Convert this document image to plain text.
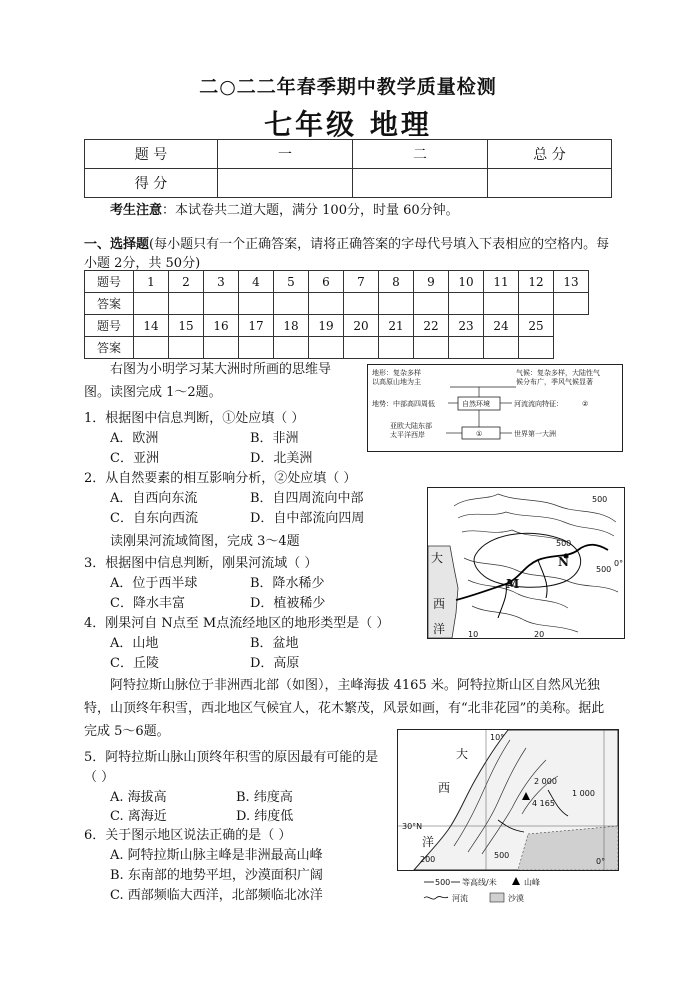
二○二二年春季期中教学质量检测
七年级 地理
题 号	一	二	总 分
得 分			
考生注意：本试卷共二道大题，满分 100分，时量 60分钟。
一、选择题(每小题只有一个正确答案，请将正确答案的字母代号填入下表相应的空格内。每小题 2分，共 50分)
题号	1	2	3	4	5	6	7	8	9	10	11	12	13
答案													
题号	14	15	16	17	18	19	20	21	22	23	24	25	
答案													
右图为小明学习某大洲时所画的思维导图。读图完成 1～2题。
地形：复杂多样
以高原山地为主
气候：复杂多样，大陆性气
候分布广，季风气候显著
地势：中部高四周低	自然环境	河流流向特征：	②
亚欧大陆东部
太平洋西岸	①	世界第一大洲
1．根据图中信息判断，①处应填（ ）
A．欧洲	B．非洲
C．亚洲	D．北美洲
2．从自然要素的相互影响分析，②处应填（ ）
A．自西向东流	B．自四周流向中部
C．自东向西流	D．自中部流向四周
读刚果河流域简图，完成 3～4题
3．根据图中信息判断，刚果河流域（ ）
A．位于西半球	B．降水稀少
C．降水丰富	D．植被稀少
4．刚果河自 N点至 M点流经地区的地形类型是（ ）
A．山地	B．盆地
C．丘陵	D．高原
500
500
500
0°
10	20
N
M
大
西
洋
阿特拉斯山脉位于非洲西北部（如图），主峰海拔 4165 米。阿特拉斯山区自然风光独特，山顶终年积雪，西北地区气候宜人，花木繁茂，风景如画，有“北非花园”的美称。据此完成 5～6题。
5．阿特拉斯山脉山顶终年积雪的原因最有可能的是（ ）
A. 海拔高	B. 纬度高
C. 离海近	D. 纬度低
6．关于图示地区说法正确的是（ ）
A. 阿特拉斯山脉主峰是非洲最高山峰
B. 东南部的地势平坦，沙漠面积广阔
C. 西部频临大西洋，北部频临北冰洋
10°
大
西
30°N
洋
2 000
4 165
1 000
500
200	0°
500 等高线/米	山峰
河流	沙漠
